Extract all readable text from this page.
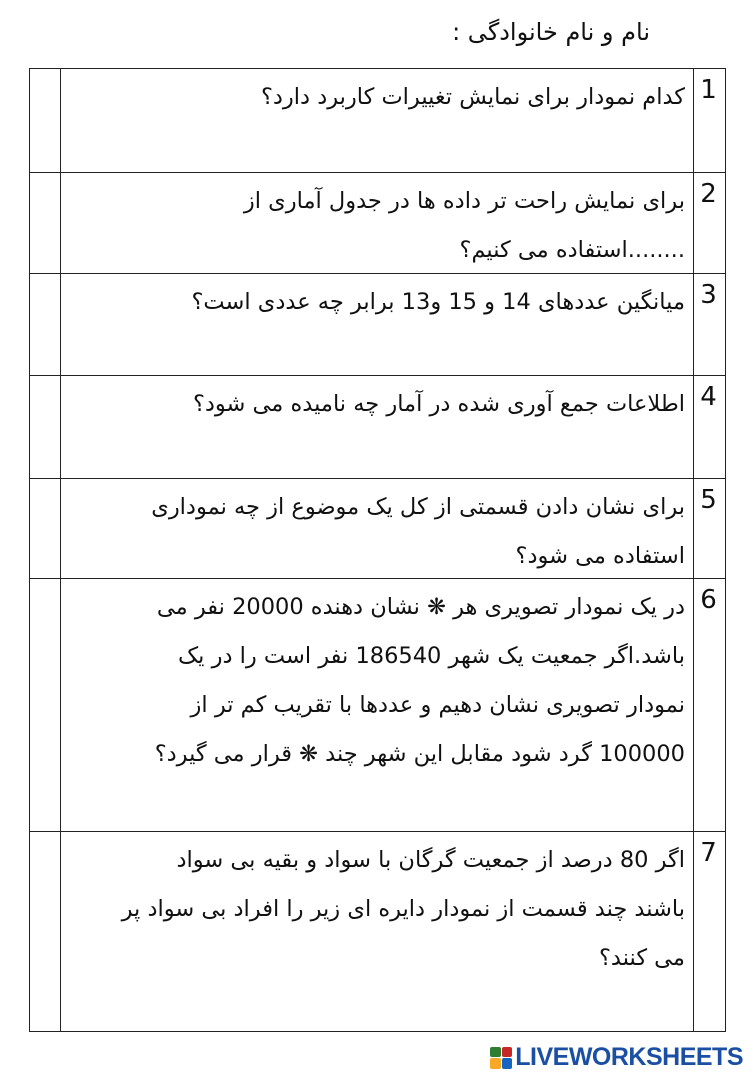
نام و نام خانوادگی :
1
کدام نمودار برای نمایش تغییرات کاربرد دارد؟
2
برای نمایش راحت تر داده ها در جدول آماری از
........استفاده می کنیم؟
3
میانگین عددهای 14 و 15 و13 برابر چه عددی است؟
4
اطلاعات جمع آوری شده در آمار چه نامیده می شود؟
5
برای نشان دادن قسمتی از کل یک موضوع از چه نموداری
استفاده می شود؟
6
در یک نمودار تصویری هر ❋ نشان دهنده 20000 نفر می
باشد.اگر جمعیت یک شهر 186540 نفر است را در یک
نمودار تصویری نشان دهیم و عددها با تقریب کم تر از
100000 گرد شود مقابل این شهر چند ❋ قرار می گیرد؟
7
اگر 80 درصد از جمعیت گرگان با سواد و بقیه بی سواد
باشند چند قسمت از نمودار دایره ای زیر را افراد بی سواد پر
می کنند؟
LIVEWORKSHEETS
